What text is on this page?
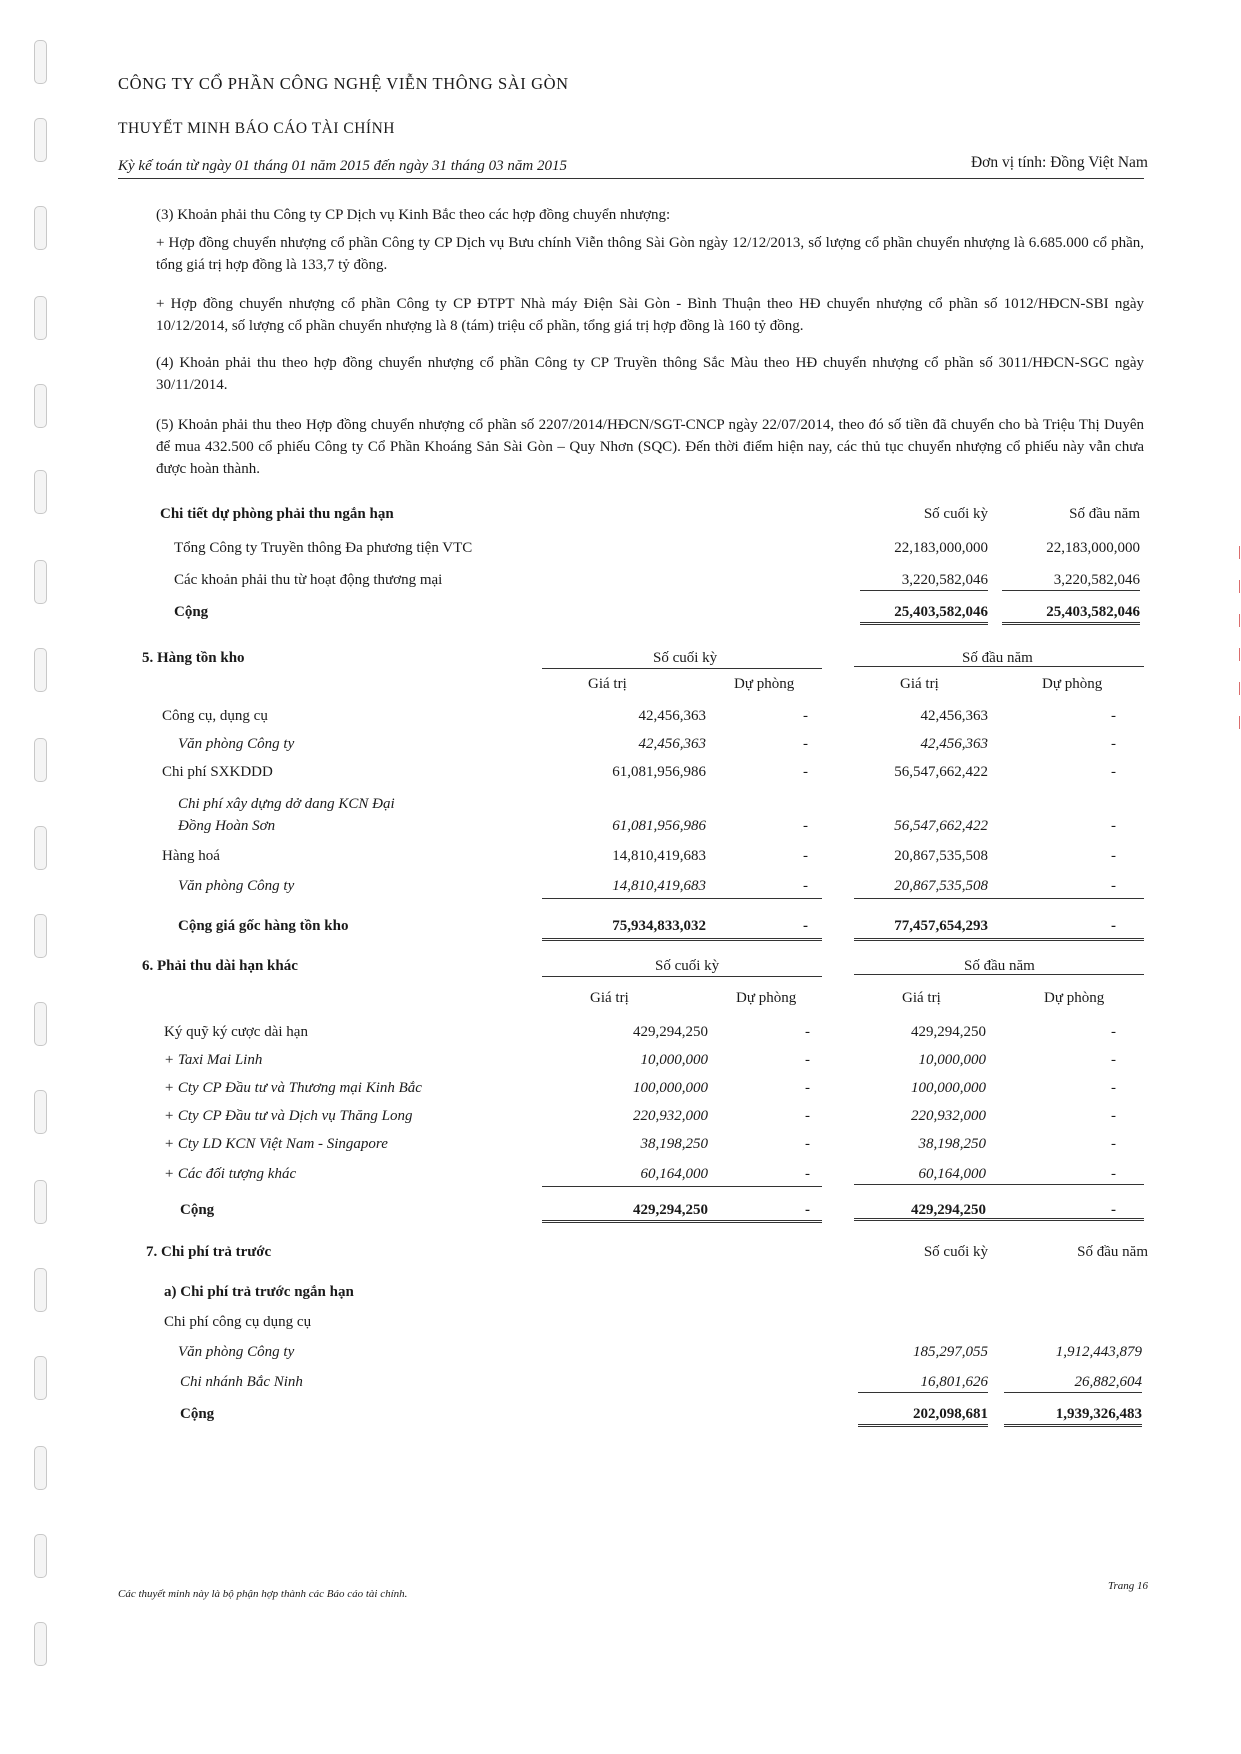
|
|
|
|
|
|
CÔNG TY CỔ PHẦN CÔNG NGHỆ VIỄN THÔNG SÀI GÒN
THUYẾT MINH BÁO CÁO TÀI CHÍNH
Kỳ kế toán từ ngày 01 tháng 01 năm 2015 đến ngày 31 tháng 03 năm 2015	Đơn vị tính: Đồng Việt Nam
(3) Khoản phải thu Công ty CP Dịch vụ Kinh Bắc theo các hợp đồng chuyển nhượng:
+ Hợp đồng chuyển nhượng cổ phần Công ty CP Dịch vụ Bưu chính Viễn thông Sài Gòn ngày 12/12/2013, số lượng cổ phần chuyển nhượng là 6.685.000 cổ phần, tổng giá trị hợp đồng là 133,7 tỷ đồng.
+ Hợp đồng chuyển nhượng cổ phần Công ty CP ĐTPT Nhà máy Điện Sài Gòn - Bình Thuận theo HĐ chuyển nhượng cổ phần số 1012/HĐCN-SBI ngày 10/12/2014, số lượng cổ phần chuyển nhượng là 8 (tám) triệu cổ phần, tổng giá trị hợp đồng là 160 tỷ đồng.
(4) Khoản phải thu theo hợp đồng chuyển nhượng cổ phần Công ty CP Truyền thông Sắc Màu theo HĐ chuyển nhượng cổ phần số 3011/HĐCN-SGC ngày 30/11/2014.
(5) Khoản phải thu theo Hợp đồng chuyển nhượng cổ phần số 2207/2014/HĐCN/SGT-CNCP ngày 22/07/2014, theo đó số tiền đã chuyển cho bà Triệu Thị Duyên để mua 432.500 cổ phiếu Công ty Cổ Phần Khoáng Sản Sài Gòn – Quy Nhơn (SQC). Đến thời điểm hiện nay, các thủ tục chuyển nhượng cổ phiếu này vẫn chưa được hoàn thành.
Chi tiết dự phòng phải thu ngắn hạn	Số cuối kỳ	Số đầu năm
Tổng Công ty Truyền thông Đa phương tiện VTC	22,183,000,000	22,183,000,000
Các khoản phải thu từ hoạt động thương mại	3,220,582,046	3,220,582,046
Cộng	25,403,582,046	25,403,582,046
5. Hàng tồn kho	Số cuối kỳ	Số đầu năm
Giá trị	Dự phòng	Giá trị	Dự phòng
Công cụ, dụng cụ	42,456,363	-	42,456,363	-
Văn phòng Công ty	42,456,363	-	42,456,363	-
Chi phí SXKDDD	61,081,956,986	-	56,547,662,422	-
Chi phí xây dựng dở dang KCN Đại
Đồng Hoàn Sơn	61,081,956,986	-	56,547,662,422	-
Hàng hoá	14,810,419,683	-	20,867,535,508	-
Văn phòng Công ty	14,810,419,683	-	20,867,535,508	-
Cộng giá gốc hàng tồn kho	75,934,833,032	-	77,457,654,293	-
6. Phải thu dài hạn khác	Số cuối kỳ	Số đầu năm
Giá trị	Dự phòng	Giá trị	Dự phòng
Ký quỹ ký cược dài hạn	429,294,250	-	429,294,250	-
+ Taxi Mai Linh	10,000,000	-	10,000,000	-
+ Cty CP Đầu tư và Thương mại Kinh Bắc	100,000,000	-	100,000,000	-
+ Cty CP Đầu tư và Dịch vụ Thăng Long	220,932,000	-	220,932,000	-
+ Cty LD KCN Việt Nam - Singapore	38,198,250	-	38,198,250	-
+ Các đối tượng khác	60,164,000	-	60,164,000	-
Cộng	429,294,250	-	429,294,250	-
7. Chi phí trả trước	Số cuối kỳ	Số đầu năm
a) Chi phí trả trước ngắn hạn
Chi phí công cụ dụng cụ
Văn phòng Công ty	185,297,055	1,912,443,879
Chi nhánh Bắc Ninh	16,801,626	26,882,604
Cộng	202,098,681	1,939,326,483
Các thuyết minh này là bộ phận hợp thành các Báo cáo tài chính.
Trang 16
